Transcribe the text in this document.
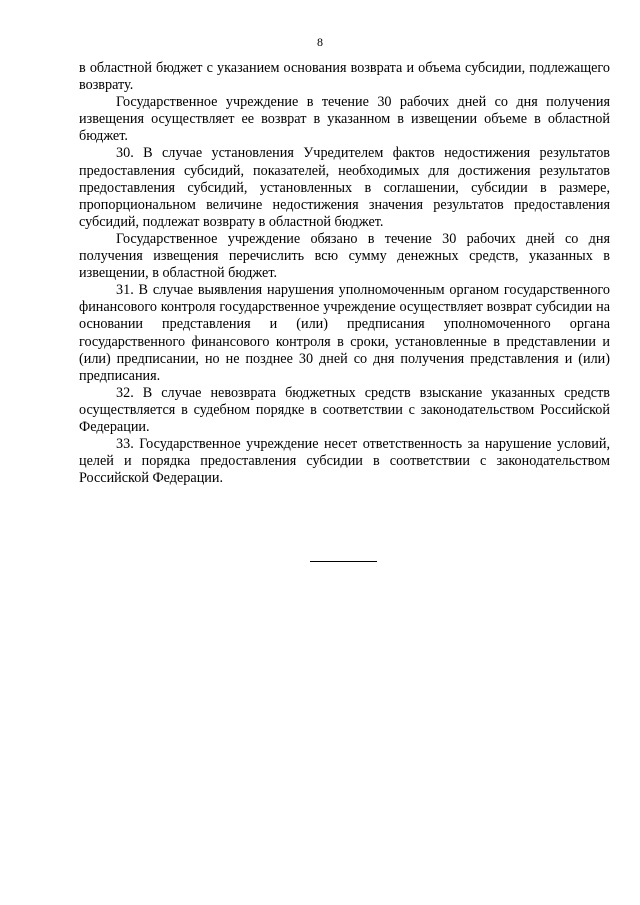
8

в областной бюджет с указанием основания возврата и объема субсидии, подлежащего возврату.

Государственное учреждение в течение 30 рабочих дней со дня получения извещения осуществляет ее возврат в указанном в извещении объеме в областной бюджет.

30. В случае установления Учредителем фактов недостижения результатов предоставления субсидий, показателей, необходимых для достижения результатов предоставления субсидий, установленных в соглашении, субсидии в размере, пропорциональном величине недостижения значения результатов предоставления субсидий, подлежат возврату в областной бюджет.

Государственное учреждение обязано в течение 30 рабочих дней со дня получения извещения перечислить всю сумму денежных средств, указанных в извещении, в областной бюджет.

31. В случае выявления нарушения уполномоченным органом государственного финансового контроля государственное учреждение осуществляет возврат субсидии на основании представления и (или) предписания уполномоченного органа государственного финансового контроля в сроки, установленные в представлении и (или) предписании, но не позднее 30 дней со дня получения представления и (или) предписания.

32. В случае невозврата бюджетных средств взыскание указанных средств осуществляется в судебном порядке в соответствии с законодательством Российской Федерации.

33. Государственное учреждение несет ответственность за нарушение условий, целей и порядка предоставления субсидии в соответствии с законодательством Российской Федерации.
